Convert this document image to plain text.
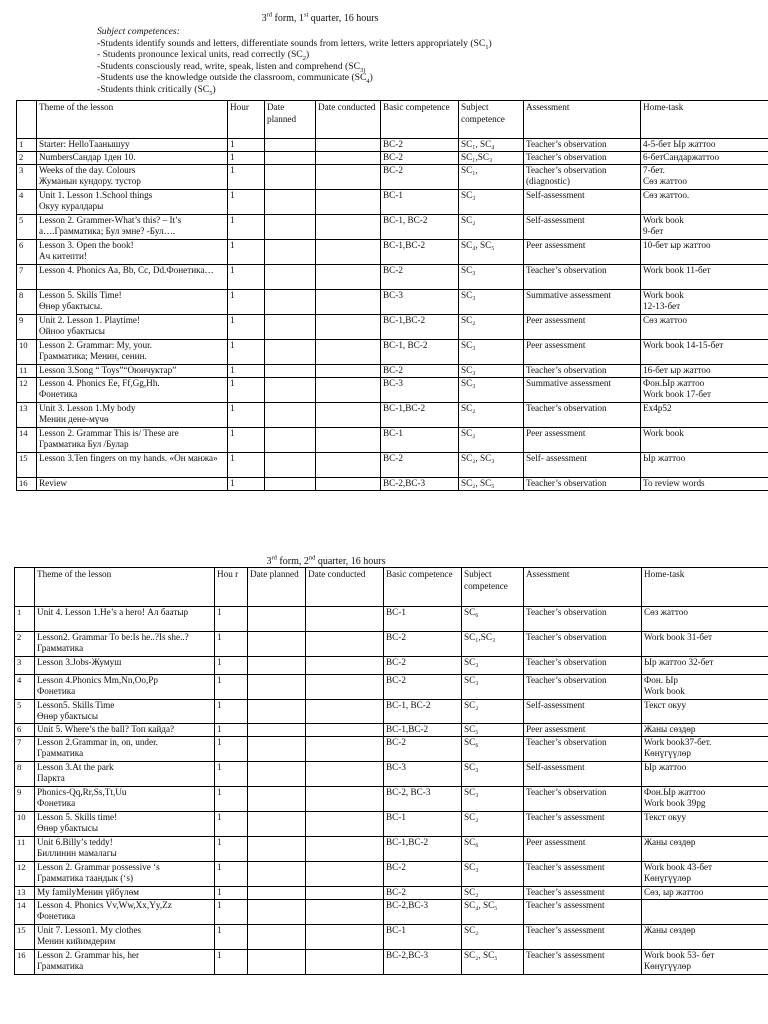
3rd form, 1st quarter, 16 hours
Subject competences:
-Students identify sounds and letters, differentiate sounds from letters, write letters appropriately $(SC_1)$
- Students pronounce lexical units, read correctly $(SC_2)$
-Students consciously read, write, speak, listen and comprehend ($SC_{3)}$
-Students use the knowledge outside the classroom, communicate $(SC_4)$
-Students think critically $(SC_5)$
	Theme of the lesson	Hour	Date planned	Date conducted	Basic competence	Subject competence	Assessment	Home-task
1	Starter: HelloТаанышуу	1			BC-2	SC₁, SC₄	Teacher’s observation	4-5-бет Ыр жаттоо
2	NumbersСандар 1ден 10.	1			BC-2	SC₁,SC₃	Teacher’s observation	6-бетСандаржаттоо
3	Weeks of the day. Colours
Жуманын кундору. тустор	1			BC-2	SC₁,	Teacher’s observation (diagnostic)	7-бет.
Сөз жаттоо
4	Unit 1. Lesson 1.School things
Окуу куралдары	1			BC-1	SC₃	Self-assessment	Сөз жаттоо.
5	Lesson 2. Grammer-What’s this? – It’s a….Грамматика; Бул эмне? -Бул….	1			BC-1, BC-2	SC₂	Self-assessment	Work book
9-бет
6	Lesson 3. Open the book!
Ач китепти!	1			BC-1,BC-2	SC₄, SC₅	Peer assessment	10-бет ыр жаттоо
7	Lesson 4. Phonics Aa, Bb, Cc, Dd.Фонетика…	1			BC-2	SC₃	Teacher’s observation	Work book 11-бет
8	Lesson 5. Skills Time!
Өнөр убактысы.	1			BC-3	SC₃	Summative assessment	Work book
12-13-бет
9	Unit 2. Lesson 1. Playtime!
Ойноо убактысы	1			BC-1,BC-2	SC₂	Peer assessment	Сөз жаттоо
10	Lesson 2. Grammar: My, your.
Грамматика; Менин, сенин.	1			BC-1, BC-2	SC₃	Peer assessment	Work book 14-15-бет
11	Lesson 3.Song “ Toys”“Оюнчуктар”	1			BC-2	SC₃	Teacher’s observation	16-бет ыр жаттоо
12	Lesson 4. Phonics Ee, Ff,Gg,Hh.
Фонетика	1			BC-3	SC₃	Summative assessment	Фон.Ыр жаттоо
Work book 17-бет
13	Unit 3. Lesson 1.My body
Менин дене-мүчө	1			BC-1,BC-2	SC₂	Teacher’s observation	Ex4p52
14	Lesson 2. Grammar This is/ These are
Грамматика Бул /Булар	1			BC-1	SC₂	Peer assessment	Work book
15	Lesson 3.Ten fingers on my hands. «Он манжа»	1			BC-2	SC₂, SC₃	Self- assessment	Ыр жаттоо
16	Review	1			BC-2,BC-3	SC₂, SC₅	Teacher’s observation	To review words
3rd form, 2nd quarter, 16 hours
	Theme of the lesson	Hou r	Date planned	Date conducted	Basic competence	Subject competence	Assessment	Home-task
1	Unit 4. Lesson 1.He’s a hero! Ал баатыр	1			BC-1	SC₆	Teacher’s observation	Сөз жаттоо
2	Lesson2. Grammar To be:Is he..?Is she..?Грамматика	1			BC-2	SC₁,SC₃	Teacher’s observation	Work book 31-бет
3	Lesson 3.Jobs-Жумуш	1			BC-2	SC₃	Teacher’s observation	Ыр жаттоо 32-бет
4	Lesson 4.Phonics Mm,Nn,Oo,Pp
Фонетика	1			BC-2	SC₃	Teacher’s observation	Фон. Ыр
Work book
5	Lesson5. Skills Time
Өнөр убактысы	1			BC-1, BC-2	SC₂	Self-assessment	Текст окуу
6	Unit 5. Where’s the ball? Топ кайда?	1			BC-1,BC-2	SC₅	Peer assessment	Жаны сөздөр
7	Lesson 2.Grammar in, on, under.
Грамматика	1			BC-2	SC₆	Teacher’s observation	Work book37-бет.
Көнүгүүлөр
8	Lesson 3.At the park
Паркта	1			BC-3	SC₃	Self-assessment	Ыр жаттоо
9	Phonics-Qq,Rr,Ss,Tt,Uu
Фонетика	1			BC-2, BC-3	SC₃	Teacher’s observation	Фон.Ыр жаттоо
Work book 39pg
10	Lesson 5. Skills time!
Өнөр убактысы	1			BC-1	SC₂	Teacher’s assessment	Текст окуу
11	Unit 6.Billy’s teddy!
Биллинин мамалагы	1			BC-1,BC-2	SC₆	Peer assessment	Жаны сөздөр
12	Lesson 2. Grammar possessive ‘s
Грамматика таандык (‘s)	1			BC-2	SC₃	Teacher’s assessment	Work book 43-бет
Көнүгүүлөр
13	My familyМенин үйбүлөм	1			BC-2	SC₂	Teacher’s assessment	Сөз, ыр жаттоо
14	Lesson 4. Phonics Vv,Ww,Xx,Yy,Zz
Фонетика	1			BC-2,BC-3	SC₄, SC₅	Teacher’s assessment	
15	Unit 7. Lesson1. My clothes
Менин кийимдерим	1			BC-1	SC₂	Teacher’s assessment	Жаны сөздөр
16	Lesson 2. Grammar his, her
Грамматика	1			BC-2,BC-3	SC₂, SC₅	Teacher’s assessment	Work book 53- бет
Көнүгүүлөр
